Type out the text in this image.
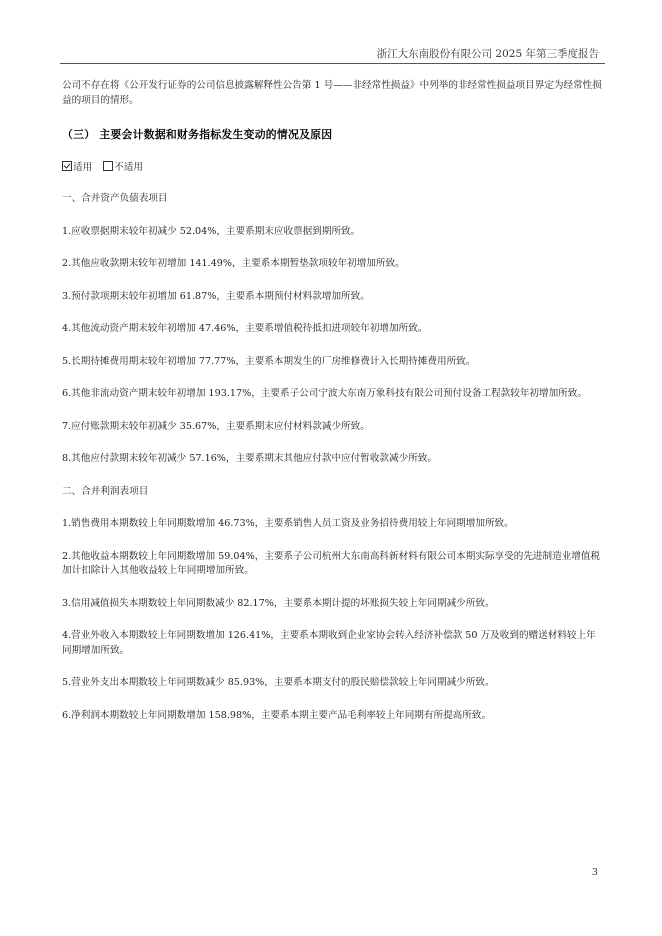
浙江大东南股份有限公司 2025 年第三季度报告

公司不存在将《公开发行证券的公司信息披露解释性公告第 1 号——非经常性损益》中列举的非经常性损益项目界定为经常性损益的项目的情形。

（三） 主要会计数据和财务指标发生变动的情况及原因
适用 不适用
一、合并资产负债表项目
1.应收票据期末较年初减少 52.04%，主要系期末应收票据到期所致。
2.其他应收款期末较年初增加 141.49%，主要系本期暂垫款项较年初增加所致。
3.预付款项期末较年初增加 61.87%，主要系本期预付材料款增加所致。
4.其他流动资产期末较年初增加 47.46%，主要系增值税待抵扣进项较年初增加所致。
5.长期待摊费用期末较年初增加 77.77%，主要系本期发生的厂房维修费计入长期待摊费用所致。
6.其他非流动资产期末较年初增加 193.17%，主要系子公司宁波大东南万象科技有限公司预付设备工程款较年初增加所致。
7.应付账款期末较年初减少 35.67%，主要系期末应付材料款减少所致。
8.其他应付款期末较年初减少 57.16%，主要系期末其他应付款中应付暂收款减少所致。
二、合并利润表项目
1.销售费用本期数较上年同期数增加 46.73%，主要系销售人员工资及业务招待费用较上年同期增加所致。
2.其他收益本期数较上年同期数增加 59.04%，主要系子公司杭州大东南高科新材料有限公司本期实际享受的先进制造业增值税加计扣除计入其他收益较上年同期增加所致。
3.信用减值损失本期数较上年同期数减少 82.17%，主要系本期计提的坏账损失较上年同期减少所致。
4.营业外收入本期数较上年同期数增加 126.41%，主要系本期收到企业家协会转入经济补偿款 50 万及收到的赠送材料较上年同期增加所致。
5.营业外支出本期数较上年同期数减少 85.93%，主要系本期支付的股民赔偿款较上年同期减少所致。
6.净利润本期数较上年同期数增加 158.98%，主要系本期主要产品毛利率较上年同期有所提高所致。
3
